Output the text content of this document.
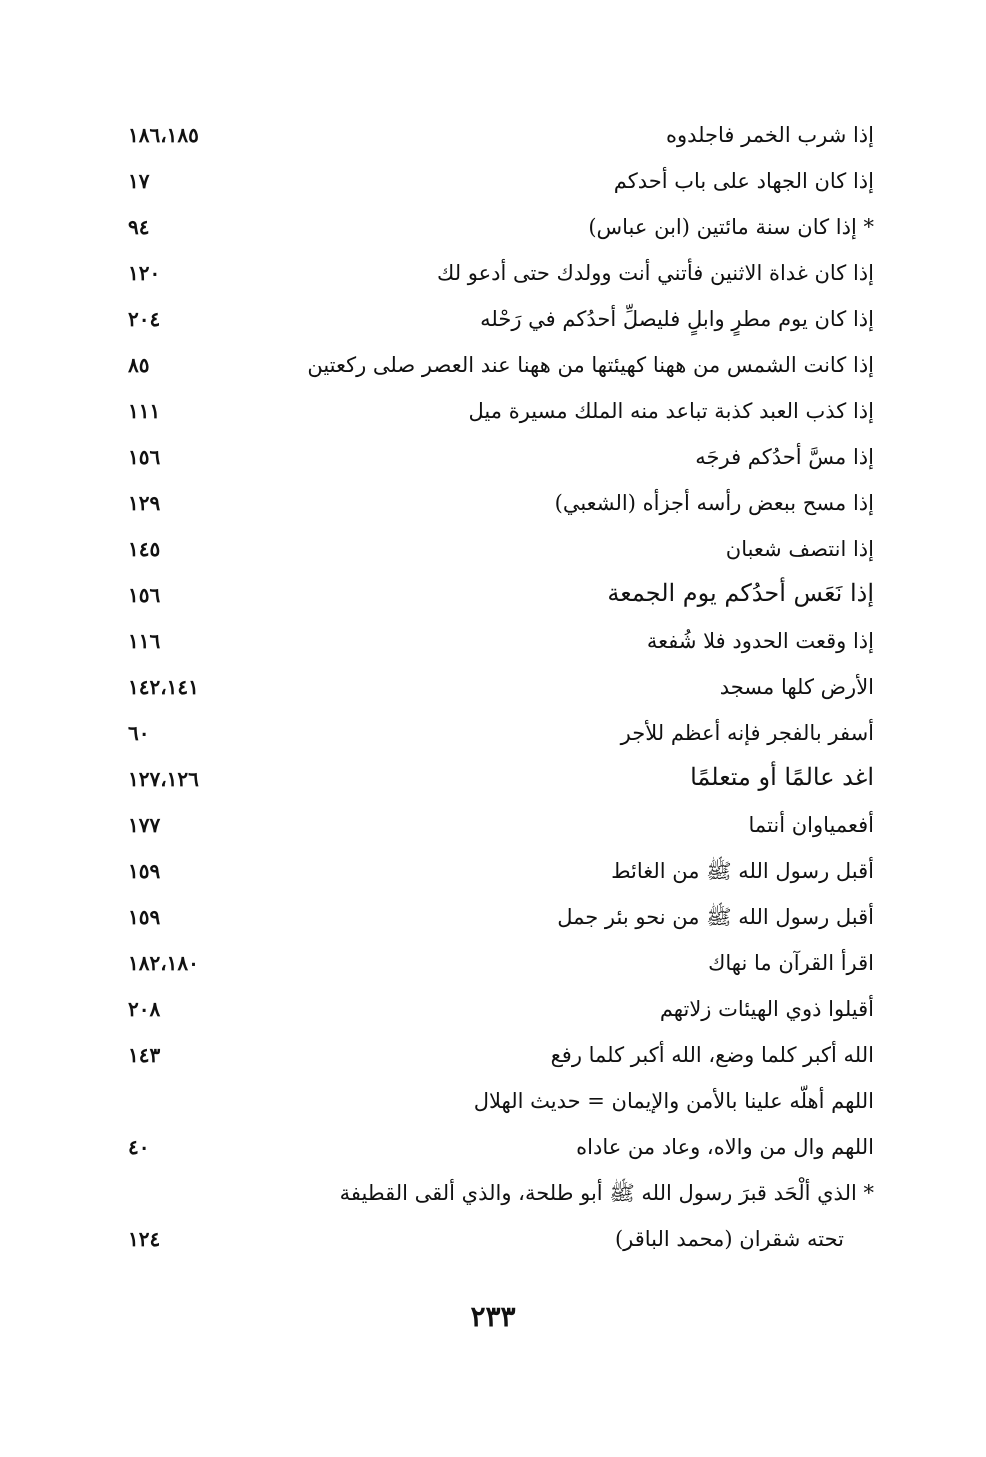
إذا شرب الخمر فاجلدوه
١٨٦،١٨٥
إذا كان الجهاد على باب أحدكم
١٧
* إذا كان سنة مائتين (ابن عباس)
٩٤
إذا كان غداة الاثنين فأتني أنت وولدك حتى أدعو لك
١٢٠
إذا كان يوم مطرٍ وابلٍ فليصلِّ أحدُكم في رَحْله
٢٠٤
إذا كانت الشمس من ههنا كهيئتها من ههنا عند العصر صلى ركعتين
٨٥
إذا كذب العبد كذبة تباعد منه الملك مسيرة ميل
١١١
إذا مسَّ أحدُكم فرجَه
١٥٦
إذا مسح ببعض رأسه أجزأه (الشعبي)
١٢٩
إذا انتصف شعبان
١٤٥
إذا نَعَس أحدُكم يوم الجمعة
١٥٦
إذا وقعت الحدود فلا شُفعة
١١٦
الأرض كلها مسجد
١٤٢،١٤١
أسفر بالفجر فإنه أعظم للأجر
٦٠
اغد عالمًا أو متعلمًا
١٢٧،١٢٦
أفعمياوان أنتما
١٧٧
أقبل رسول الله ﷺ من الغائط
١٥٩
أقبل رسول الله ﷺ من نحو بئر جمل
١٥٩
اقرأ القرآن ما نهاك
١٨٢،١٨٠
أقيلوا ذوي الهيئات زلاتهم
٢٠٨
الله أكبر كلما وضع، الله أكبر كلما رفع
١٤٣
اللهم أهلّه علينا بالأمن والإيمان = حديث الهلال
اللهم وال من والاه، وعاد من عاداه
٤٠
* الذي ألْحَد قبرَ رسول الله ﷺ أبو طلحة، والذي ألقى القطيفة
تحته شقران (محمد الباقر)
١٢٤
٢٣٣
